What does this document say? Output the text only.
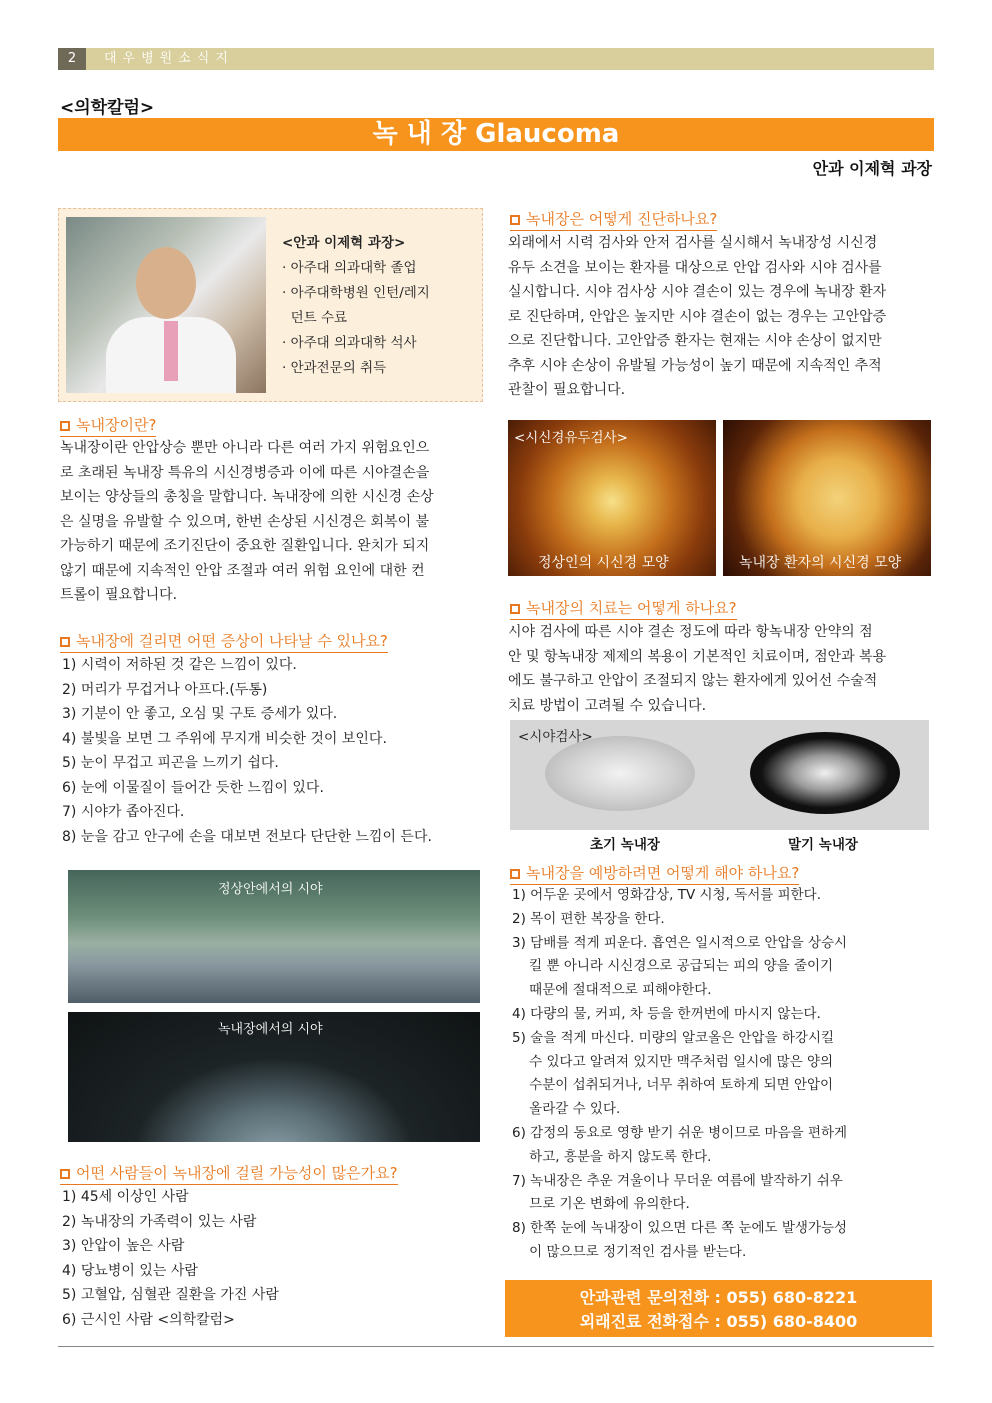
2	대우병원소식지
<의학칼럼>
녹 내 장 Glaucoma
안과 이제혁 과장
<안과 이제혁 과장>
· 아주대 의과대학 졸업
· 아주대학병원 인턴/레지
던트 수료
· 아주대 의과대학 석사
· 안과전문의 취득
녹내장이란?
녹내장이란 안압상승 뿐만 아니라 다른 여러 가지 위험요인으
로 초래된 녹내장 특유의 시신경병증과 이에 따른 시야결손을
보이는 양상들의 총칭을 말합니다. 녹내장에 의한 시신경 손상
은 실명을 유발할 수 있으며, 한번 손상된 시신경은 회복이 불
가능하기 때문에 조기진단이 중요한 질환입니다. 완치가 되지
않기 때문에 지속적인 안압 조절과 여러 위험 요인에 대한 컨
트롤이 필요합니다.
녹내장에 걸리면 어떤 증상이 나타날 수 있나요?
1) 시력이 저하된 것 같은 느낌이 있다.
2) 머리가 무겁거나 아프다.(두통)
3) 기분이 안 좋고, 오심 및 구토 증세가 있다.
4) 불빛을 보면 그 주위에 무지개 비슷한 것이 보인다.
5) 눈이 무겁고 피곤을 느끼기 쉽다.
6) 눈에 이물질이 들어간 듯한 느낌이 있다.
7) 시야가 좁아진다.
8) 눈을 감고 안구에 손을 대보면 전보다 단단한 느낌이 든다.
정상안에서의 시야
녹내장에서의 시야
어떤 사람들이 녹내장에 걸릴 가능성이 많은가요?
1) 45세 이상인 사람
2) 녹내장의 가족력이 있는 사람
3) 안압이 높은 사람
4) 당뇨병이 있는 사람
5) 고혈압, 심혈관 질환을 가진 사람
6) 근시인 사람 <의학칼럼>
녹내장은 어떻게 진단하나요?
외래에서 시력 검사와 안저 검사를 실시해서 녹내장성 시신경
유두 소견을 보이는 환자를 대상으로 안압 검사와 시야 검사를
실시합니다. 시야 검사상 시야 결손이 있는 경우에 녹내장 환자
로 진단하며, 안압은 높지만 시야 결손이 없는 경우는 고안압증
으로 진단합니다. 고안압증 환자는 현재는 시야 손상이 없지만
추후 시야 손상이 유발될 가능성이 높기 때문에 지속적인 추적
관찰이 필요합니다.
<시신경유두검사>
정상인의 시신경 모양	녹내장 환자의 시신경 모양
녹내장의 치료는 어떻게 하나요?
시야 검사에 따른 시야 결손 정도에 따라 항녹내장 안약의 점
안 및 항녹내장 제제의 복용이 기본적인 치료이며, 점안과 복용
에도 불구하고 안압이 조절되지 않는 환자에게 있어선 수술적
치료 방법이 고려될 수 있습니다.
<시야검사>
초기 녹내장	말기 녹내장
녹내장을 예방하려면 어떻게 해야 하나요?
1) 어두운 곳에서 영화감상, TV 시청, 독서를 피한다.
2) 목이 편한 복장을 한다.
3) 담배를 적게 피운다. 흡연은 일시적으로 안압을 상승시
킬 뿐 아니라 시신경으로 공급되는 피의 양을 줄이기
때문에 절대적으로 피해야한다.
4) 다량의 물, 커피, 차 등을 한꺼번에 마시지 않는다.
5) 술을 적게 마신다. 미량의 알코올은 안압을 하강시킬
수 있다고 알려져 있지만 맥주처럼 일시에 많은 양의
수분이 섭취되거나, 너무 취하여 토하게 되면 안압이
올라갈 수 있다.
6) 감정의 동요로 영향 받기 쉬운 병이므로 마음을 편하게
하고, 흥분을 하지 않도록 한다.
7) 녹내장은 추운 겨울이나 무더운 여름에 발작하기 쉬우
므로 기온 변화에 유의한다.
8) 한쪽 눈에 녹내장이 있으면 다른 쪽 눈에도 발생가능성
이 많으므로 정기적인 검사를 받는다.
안과관련 문의전화 : 055) 680-8221
외래진료 전화접수 : 055) 680-8400
